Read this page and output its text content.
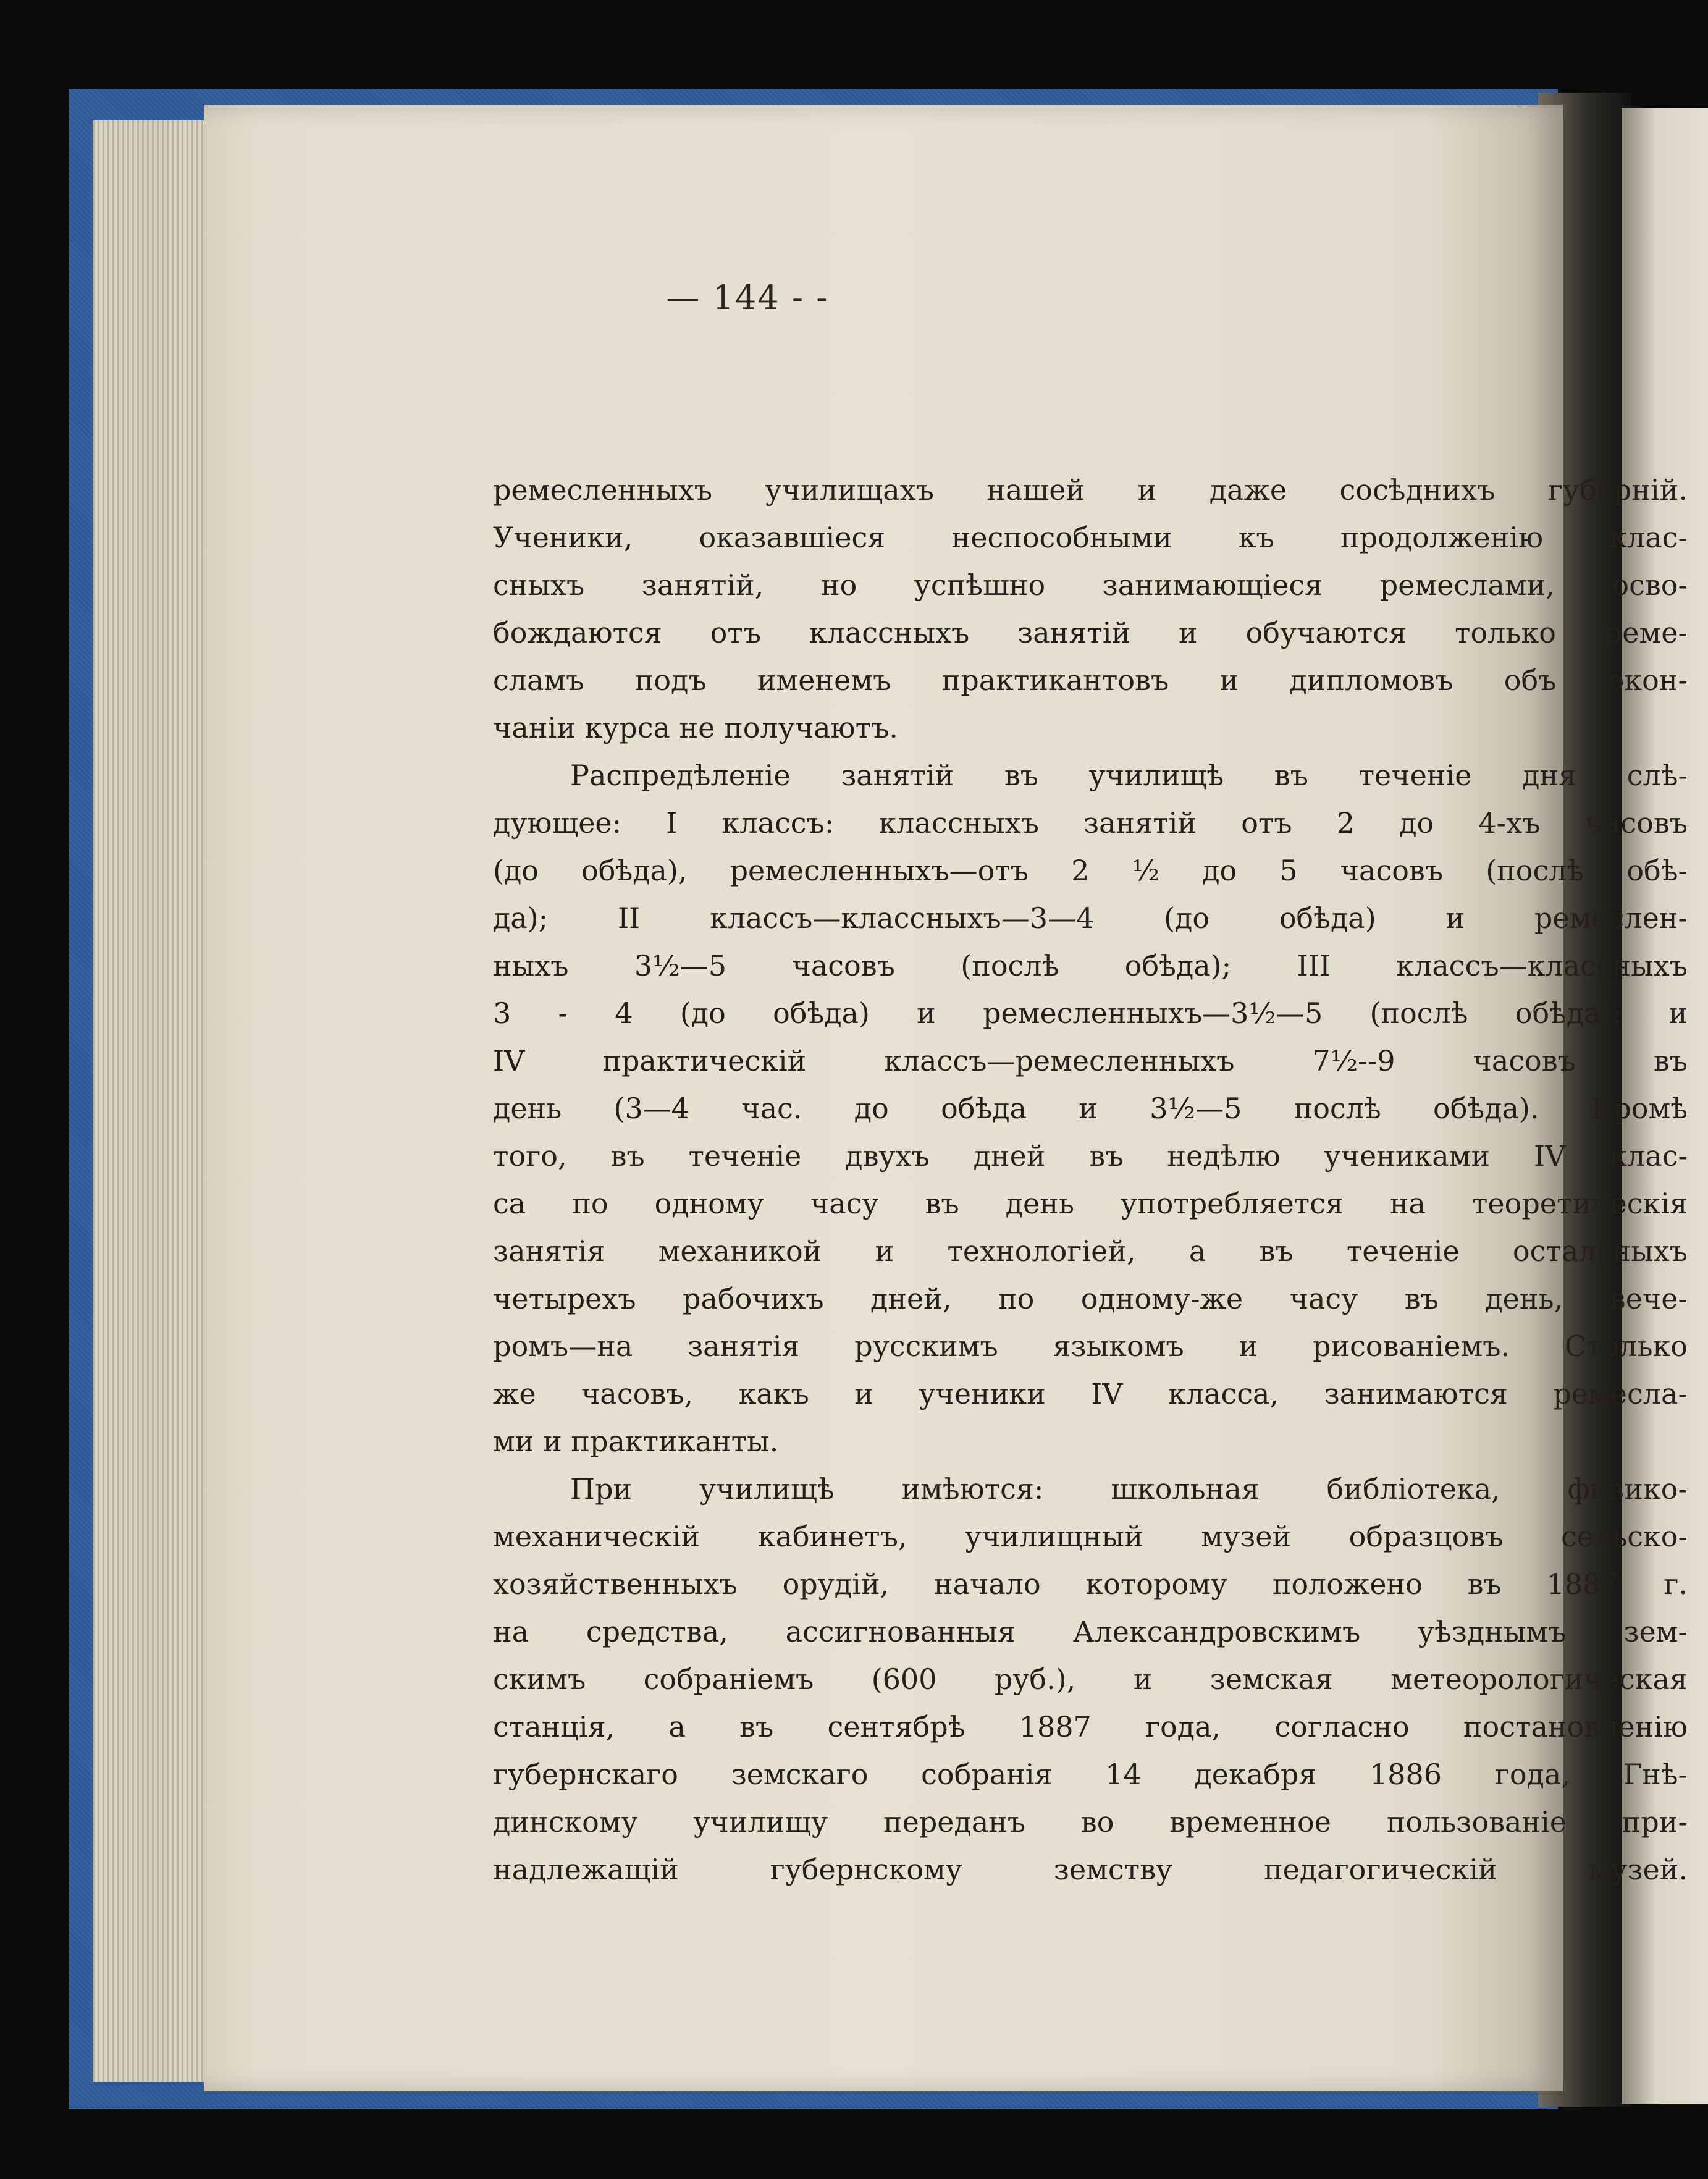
— 144 - -
ремесленныхъ училищахъ нашей и даже сосѣднихъ губерній.
Ученики, оказавшіеся неспособными къ продолженію клас-
сныхъ занятій, но успѣшно занимающіеся ремеслами, осво-
бождаются отъ классныхъ занятій и обучаются только реме-
сламъ подъ именемъ практикантовъ и дипломовъ объ окон-
чаніи курса не получаютъ.
Распредѣленіе занятій въ училищѣ въ теченіе дня слѣ-
дующее: I классъ: классныхъ занятій отъ 2 до 4-хъ часовъ
(до обѣда), ремесленныхъ—отъ 2 ½ до 5 часовъ (послѣ обѣ-
да); II классъ—классныхъ—3—4 (до обѣда) и ремеслен-
ныхъ 3½—5 часовъ (послѣ обѣда); III классъ—классныхъ
3 - 4 (до обѣда) и ремесленныхъ—3½—5 (послѣ обѣда); и
IV практическій классъ—ремесленныхъ 7½--9 часовъ въ
день (3—4 час. до обѣда и 3½—5 послѣ обѣда). Кромѣ
того, въ теченіе двухъ дней въ недѣлю учениками IV клас-
са по одному часу въ день употребляется на теоретическія
занятія механикой и технологіей, а въ теченіе остальныхъ
четырехъ рабочихъ дней, по одному-же часу въ день, вече-
ромъ—на занятія русскимъ языкомъ и рисованіемъ. Столько
же часовъ, какъ и ученики IV класса, занимаются ремесла-
ми и практиканты.
При училищѣ имѣются: школьная библіотека, физико-
механическій кабинетъ, училищный музей образцовъ сельско-
хозяйственныхъ орудій, начало которому положено въ 1887 г.
на средства, ассигнованныя Александровскимъ уѣзднымъ зем-
скимъ собраніемъ (600 руб.), и земская метеорологическая
станція, а въ сентябрѣ 1887 года, согласно постановленію
губернскаго земскаго собранія 14 декабря 1886 года, Гнѣ-
динскому училищу переданъ во временное пользованіе при-
надлежащій губернскому земству педагогическій музей.
